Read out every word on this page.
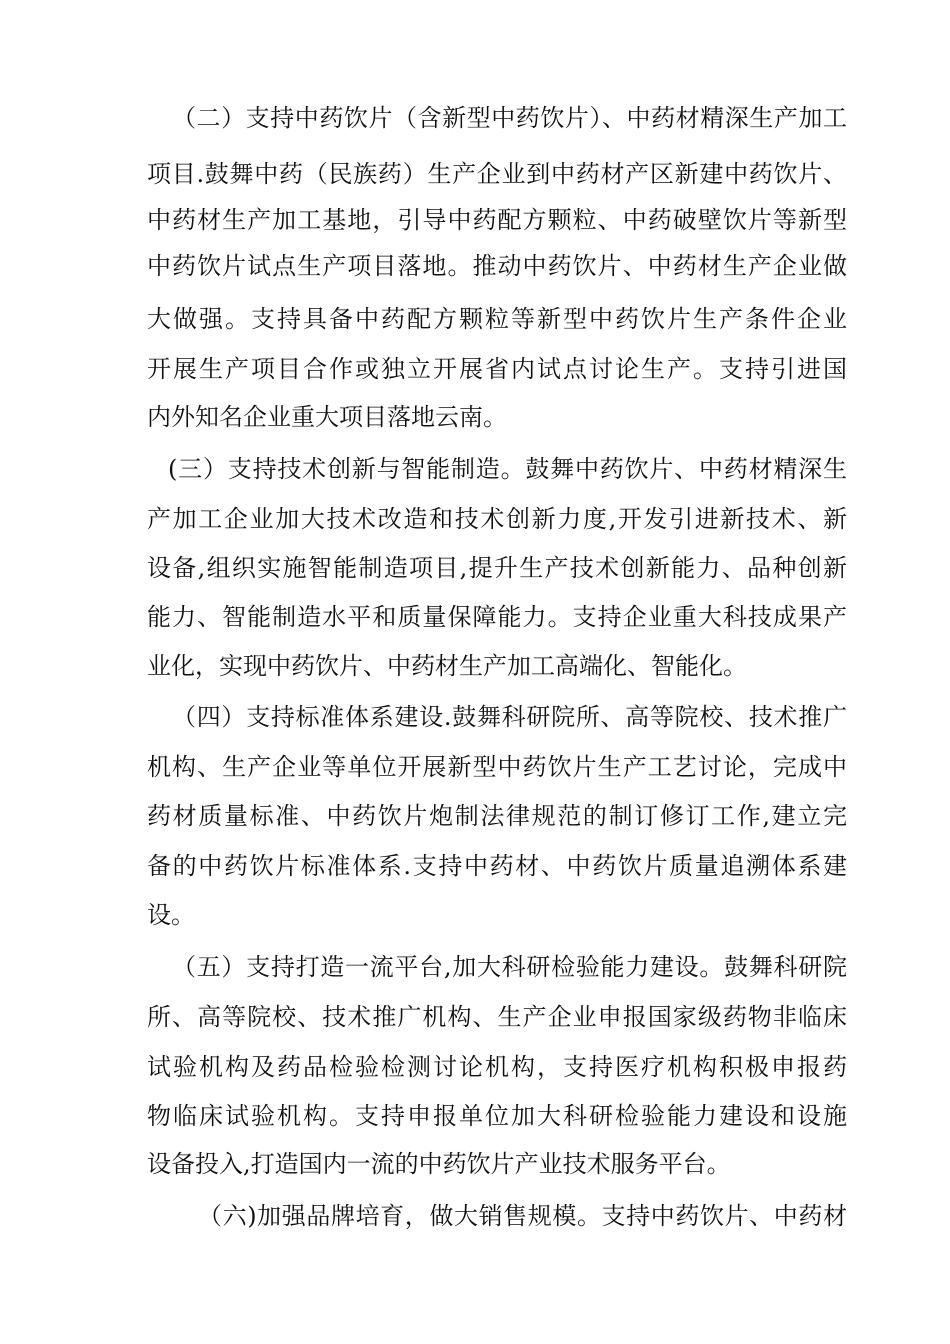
（二）支持中药饮片（含新型中药饮片）、中药材精深生产加工
项目.鼓舞中药（民族药）生产企业到中药材产区新建中药饮片、
中药材生产加工基地，引导中药配方颗粒、中药破壁饮片等新型
中药饮片试点生产项目落地。推动中药饮片、中药材生产企业做
大做强。支持具备中药配方颗粒等新型中药饮片生产条件企业
开展生产项目合作或独立开展省内试点讨论生产。支持引进国
内外知名企业重大项目落地云南。
(三）支持技术创新与智能制造。鼓舞中药饮片、中药材精深生
产加工企业加大技术改造和技术创新力度,开发引进新技术、新
设备,组织实施智能制造项目,提升生产技术创新能力、品种创新
能力、智能制造水平和质量保障能力。支持企业重大科技成果产
业化，实现中药饮片、中药材生产加工高端化、智能化。
（四）支持标准体系建设.鼓舞科研院所、高等院校、技术推广
机构、生产企业等单位开展新型中药饮片生产工艺讨论，完成中
药材质量标准、中药饮片炮制法律规范的制订修订工作,建立完
备的中药饮片标准体系.支持中药材、中药饮片质量追溯体系建
设。
（五）支持打造一流平台,加大科研检验能力建设。鼓舞科研院
所、高等院校、技术推广机构、生产企业申报国家级药物非临床
试验机构及药品检验检测讨论机构，支持医疗机构积极申报药
物临床试验机构。支持申报单位加大科研检验能力建设和设施
设备投入,打造国内一流的中药饮片产业技术服务平台。
（六)加强品牌培育，做大销售规模。支持中药饮片、中药材
